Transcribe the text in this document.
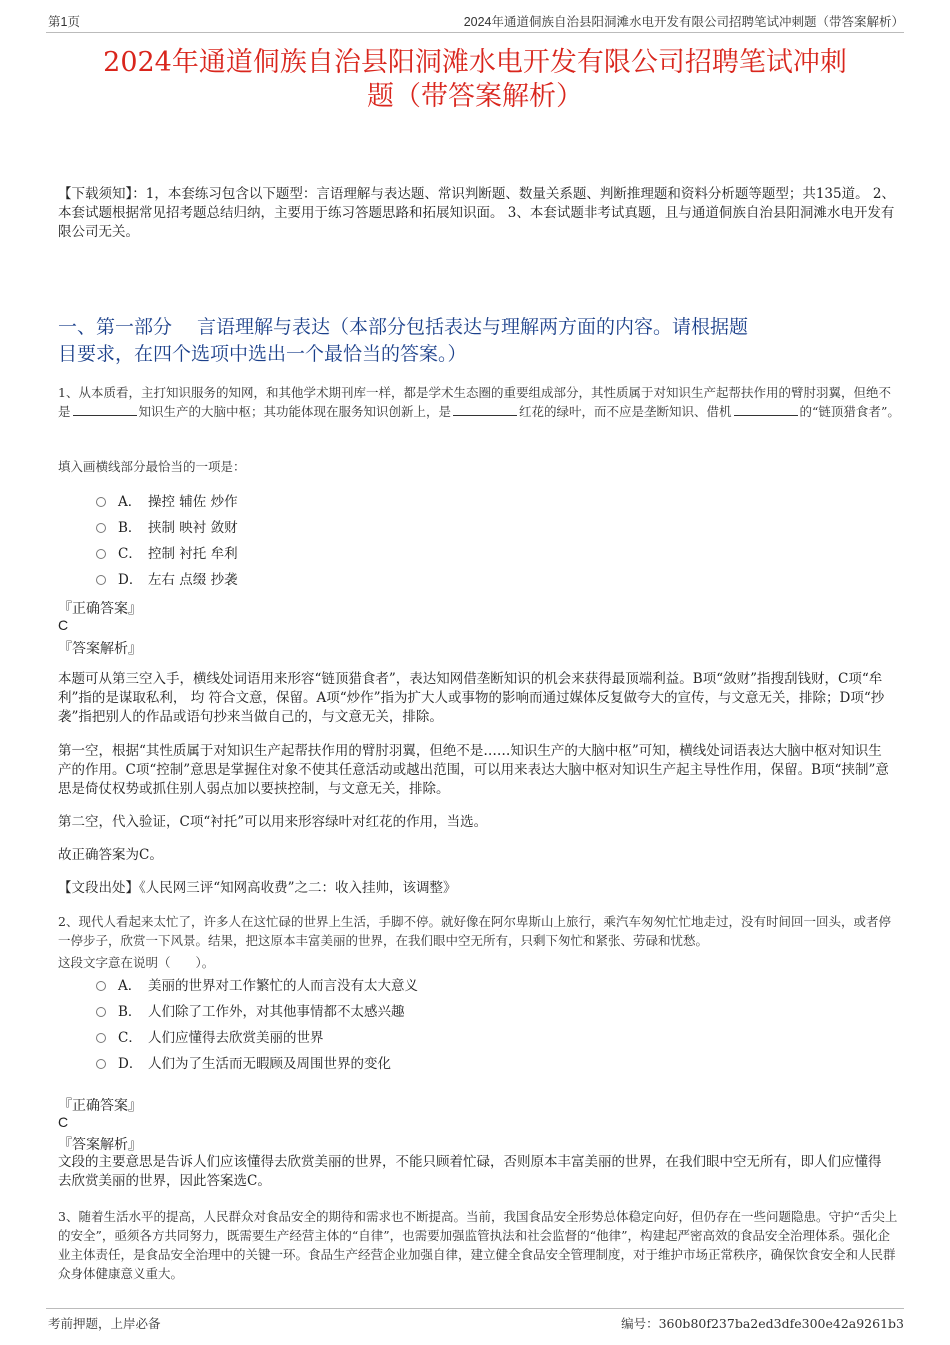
第1页	2024年通道侗族自治县阳洞滩水电开发有限公司招聘笔试冲刺题（带答案解析）
2024年通道侗族自治县阳洞滩水电开发有限公司招聘笔试冲刺
题（带答案解析）
【下载须知】：1，本套练习包含以下题型：言语理解与表达题、常识判断题、数量关系题、判断推理题和资料分析题等题型；共135道。 2、本套试题根据常见招考题总结归纳，主要用于练习答题思路和拓展知识面。 3、本套试题非考试真题，且与通道侗族自治县阳洞滩水电开发有限公司无关。
一、第一部分　 言语理解与表达（本部分包括表达与理解两方面的内容。请根据题
目要求，在四个选项中选出一个最恰当的答案。）
1、从本质看，主打知识服务的知网，和其他学术期刊库一样，都是学术生态圈的重要组成部分，其性质属于对知识生产起帮扶作用的臂肘羽翼，但绝不是	知识生产的大脑中枢；其功能体现在服务知识创新上，是	红花的绿叶，而不应是垄断知识、借机	的“链顶猎食者”。
填入画横线部分最恰当的一项是：
A． 操控 辅佐 炒作
B． 挟制 映衬 敛财
C． 控制 衬托 牟利
D． 左右 点缀 抄袭
『正确答案』
C
『答案解析』
本题可从第三空入手，横线处词语用来形容“链顶猎食者”，表达知网借垄断知识的机会来获得最顶端利益。B项“敛财”指搜刮钱财，C项“牟利”指的是谋取私利， 均 符合文意，保留。A项“炒作”指为扩大人或事物的影响而通过媒体反复做夸大的宣传，与文意无关，排除；D项“抄袭”指把别人的作品或语句抄来当做自己的，与文意无关，排除。
第一空，根据“其性质属于对知识生产起帮扶作用的臂肘羽翼，但绝不是……知识生产的大脑中枢”可知，横线处词语表达大脑中枢对知识生产的作用。C项“控制”意思是掌握住对象不使其任意活动或越出范围，可以用来表达大脑中枢对知识生产起主导性作用，保留。B项“挟制”意思是倚仗权势或抓住别人弱点加以要挟控制，与文意无关，排除。
第二空，代入验证，C项“衬托”可以用来形容绿叶对红花的作用，当选。
故正确答案为C。
【文段出处】《人民网三评“知网高收费”之二：收入挂帅，该调整》
2、现代人看起来太忙了，许多人在这忙碌的世界上生活，手脚不停。就好像在阿尔卑斯山上旅行，乘汽车匆匆忙忙地走过，没有时间回一回头，或者停一停步子，欣赏一下风景。结果，把这原本丰富美丽的世界，在我们眼中空无所有，只剩下匆忙和紧张、劳碌和忧愁。
这段文字意在说明（　　）。
A． 美丽的世界对工作繁忙的人而言没有太大意义
B． 人们除了工作外，对其他事情都不太感兴趣
C． 人们应懂得去欣赏美丽的世界
D． 人们为了生活而无暇顾及周围世界的变化
『正确答案』
C
『答案解析』
文段的主要意思是告诉人们应该懂得去欣赏美丽的世界，不能只顾着忙碌，否则原本丰富美丽的世界，在我们眼中空无所有，即人们应懂得去欣赏美丽的世界，因此答案选C。
3、随着生活水平的提高，人民群众对食品安全的期待和需求也不断提高。当前，我国食品安全形势总体稳定向好，但仍存在一些问题隐患。守护“舌尖上的安全”，亟须各方共同努力，既需要生产经营主体的“自律”，也需要加强监管执法和社会监督的“他律”，构建起严密高效的食品安全治理体系。强化企业主体责任，是食品安全治理中的关键一环。食品生产经营企业加强自律，建立健全食品安全管理制度，对于维护市场正常秩序，确保饮食安全和人民群众身体健康意义重大。
考前押题，上岸必备	编号：360b80f237ba2ed3dfe300e42a9261b3
